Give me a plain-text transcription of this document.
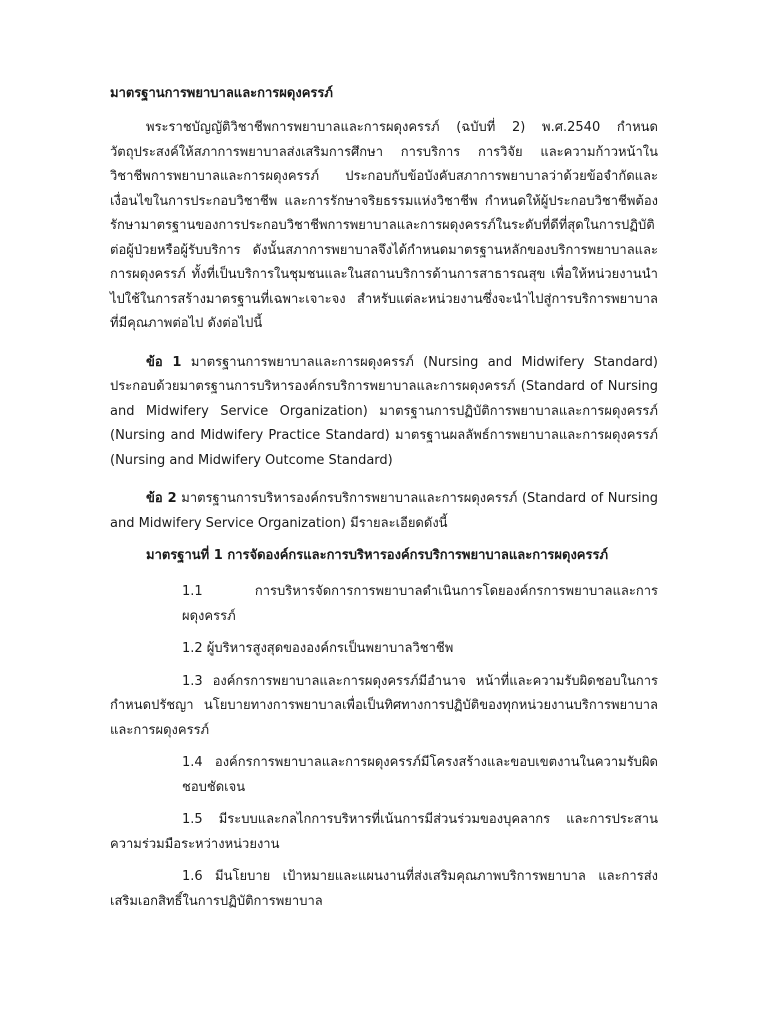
มาตรฐานการพยาบาลและการผดุงครรภ์

พระราชบัญญัติวิชาชีพการพยาบาลและการผดุงครรภ์ (ฉบับที่ 2) พ.ศ.2540 กำหนดวัตถุประสงค์ให้สภาการพยาบาลส่งเสริมการศึกษา การบริการ การวิจัย และความก้าวหน้าในวิชาชีพการพยาบาลและการผดุงครรภ์ ประกอบกับข้อบังคับสภาการพยาบาลว่าด้วยข้อจำกัดและเงื่อนไขในการประกอบวิชาชีพ และการรักษาจริยธรรมแห่งวิชาชีพ กำหนดให้ผู้ประกอบวิชาชีพต้องรักษามาตรฐานของการประกอบวิชาชีพการพยาบาลและการผดุงครรภ์ในระดับที่ดีที่สุดในการปฏิบัติต่อผู้ป่วยหรือผู้รับบริการ ดังนั้นสภาการพยาบาลจึงได้กำหนดมาตรฐานหลักของบริการพยาบาลและการผดุงครรภ์ ทั้งที่เป็นบริการในชุมชนและในสถานบริการด้านการสาธารณสุข เพื่อให้หน่วยงานนำไปใช้ในการสร้างมาตรฐานที่เฉพาะเจาะจง สำหรับแต่ละหน่วยงานซึ่งจะนำไปสู่การบริการพยาบาลที่มีคุณภาพต่อไป ดังต่อไปนี้

ข้อ 1 มาตรฐานการพยาบาลและการผดุงครรภ์ (Nursing and Midwifery Standard) ประกอบด้วยมาตรฐานการบริหารองค์กรบริการพยาบาลและการผดุงครรภ์ (Standard of Nursing and Midwifery Service Organization) มาตรฐานการปฏิบัติการพยาบาลและการผดุงครรภ์ (Nursing and Midwifery Practice Standard) มาตรฐานผลลัพธ์การพยาบาลและการผดุงครรภ์ (Nursing and Midwifery Outcome Standard)

ข้อ 2 มาตรฐานการบริหารองค์กรบริการพยาบาลและการผดุงครรภ์ (Standard of Nursing and Midwifery Service Organization) มีรายละเอียดดังนี้

มาตรฐานที่ 1 การจัดองค์กรและการบริหารองค์กรบริการพยาบาลและการผดุงครรภ์

1.1 การบริหารจัดการการพยาบาลดำเนินการโดยองค์กรการพยาบาลและการผดุงครรภ์

1.2 ผู้บริหารสูงสุดขององค์กรเป็นพยาบาลวิชาชีพ

1.3 องค์กรการพยาบาลและการผดุงครรภ์มีอำนาจ หน้าที่และความรับผิดชอบในการกำหนดปรัชญา นโยบายทางการพยาบาลเพื่อเป็นทิศทางการปฏิบัติของทุกหน่วยงานบริการพยาบาลและการผดุงครรภ์

1.4 องค์กรการพยาบาลและการผดุงครรภ์มีโครงสร้างและขอบเขตงานในความรับผิดชอบชัดเจน

1.5 มีระบบและกลไกการบริหารที่เน้นการมีส่วนร่วมของบุคลากร และการประสานความร่วมมือระหว่างหน่วยงาน

1.6 มีนโยบาย เป้าหมายและแผนงานที่ส่งเสริมคุณภาพบริการพยาบาล และการส่งเสริมเอกสิทธิ์ในการปฏิบัติการพยาบาล
